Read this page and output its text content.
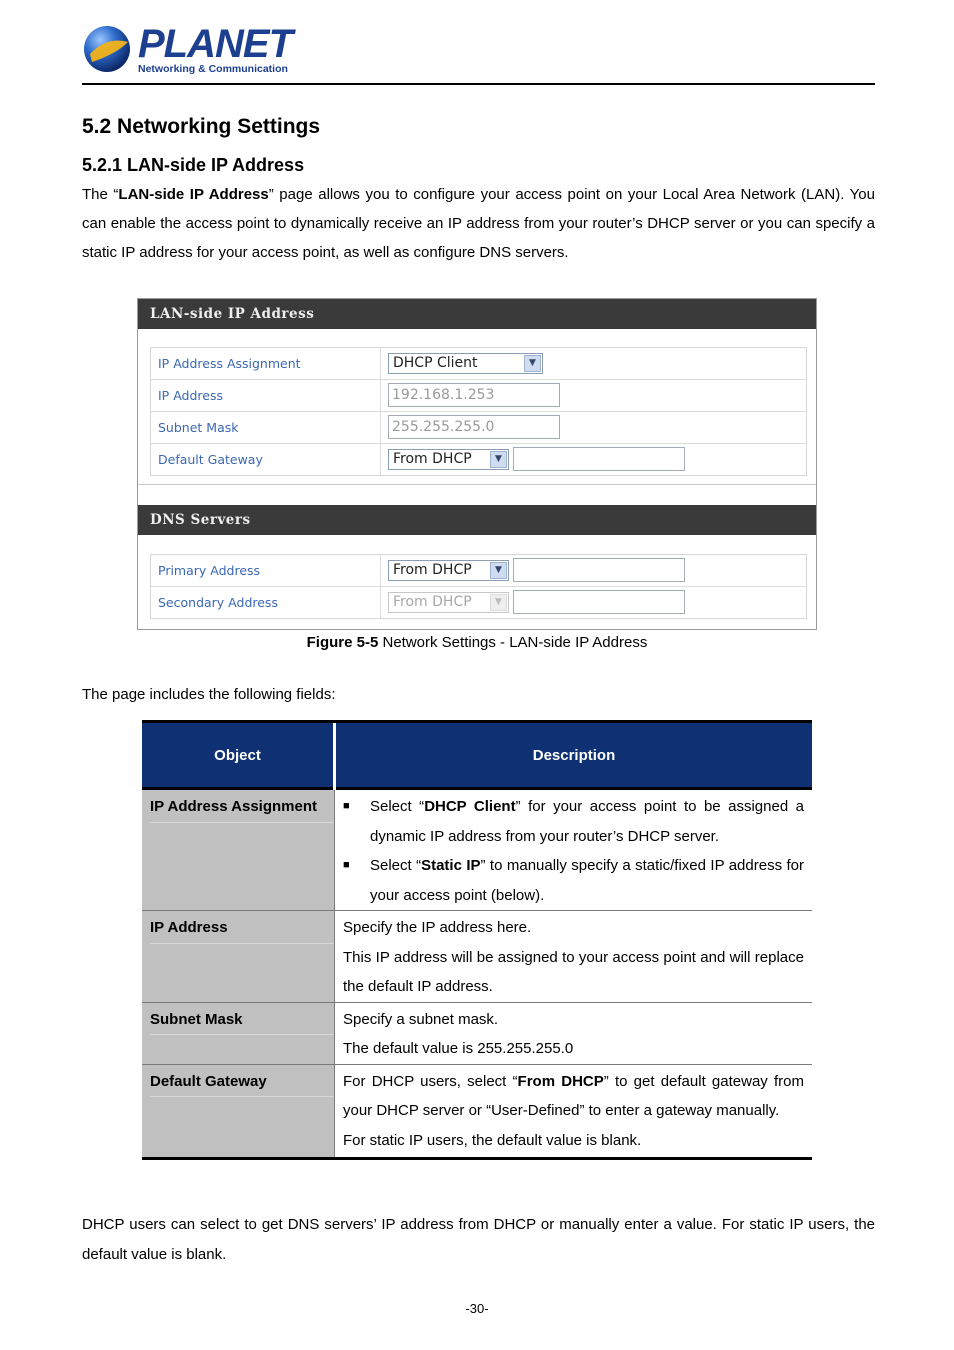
PLANET
Networking & Communication
5.2 Networking Settings
5.2.1 LAN-side IP Address
The “LAN-side IP Address” page allows you to configure your access point on your Local Area Network (LAN). You can enable the access point to dynamically receive an IP address from your router’s DHCP server or you can specify a static IP address for your access point, as well as configure DNS servers.
LAN-side IP Address
IP Address Assignment	DHCP Client	▼
IP Address	192.168.1.253
Subnet Mask	255.255.255.0
Default Gateway	From DHCP	▼
DNS Servers
Primary Address	From DHCP	▼
Secondary Address	From DHCP	▼
Figure 5-5 Network Settings - LAN-side IP Address
The page includes the following fields:
Object	Description

IP Address Assignment	■ Select “DHCP Client” for your access point to be assigned a dynamic IP address from your router’s DHCP server.
■ Select “Static IP” to manually specify a static/fixed IP address for your access point (below).

IP Address	Specify the IP address here.
This IP address will be assigned to your access point and will replace the default IP address.

Subnet Mask	Specify a subnet mask.
The default value is 255.255.255.0

Default Gateway	For DHCP users, select “From DHCP” to get default gateway from your DHCP server or “User-Defined” to enter a gateway manually.
For static IP users, the default value is blank.
DHCP users can select to get DNS servers’ IP address from DHCP or manually enter a value. For static IP users, the default value is blank.
-30-
